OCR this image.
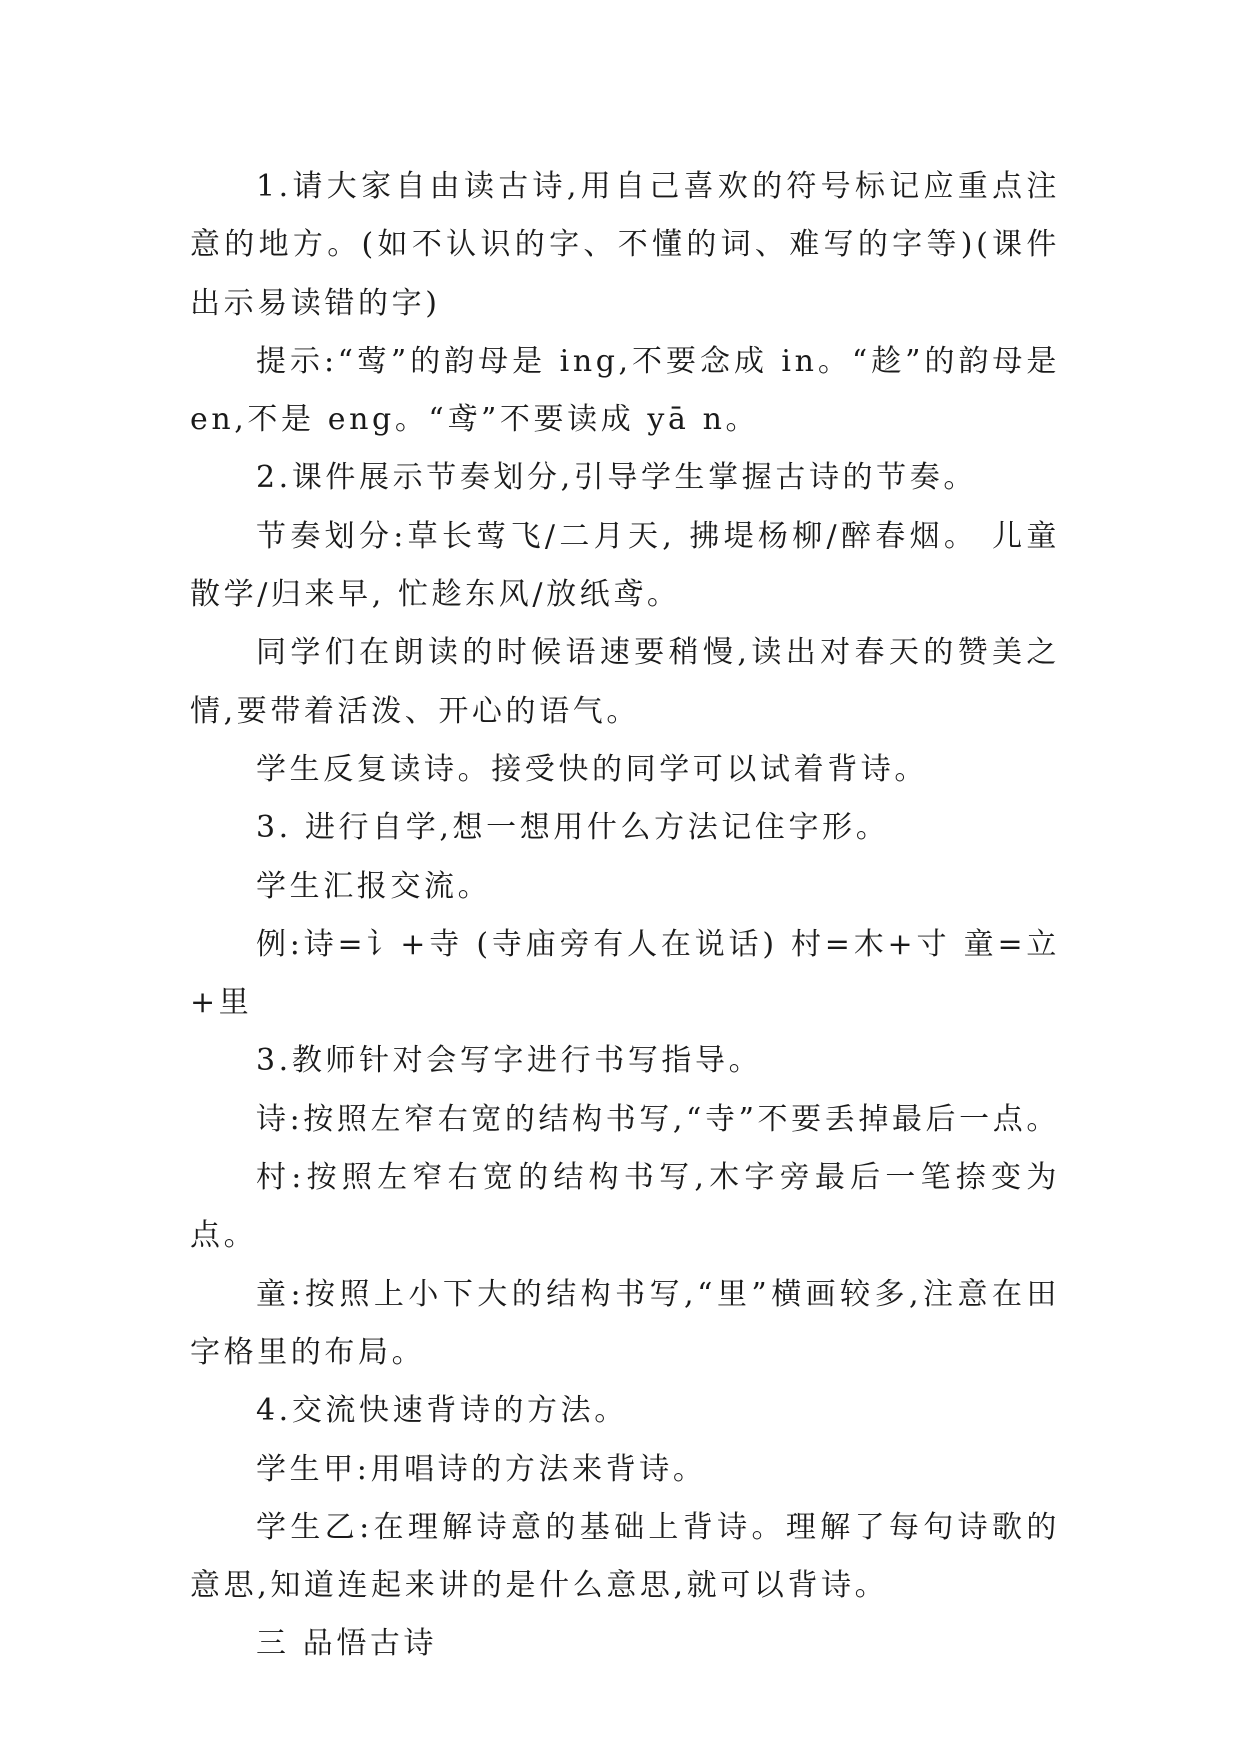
1.请大家自由读古诗,用自己喜欢的符号标记应重点注意的地方。(如不认识的字、不懂的词、难写的字等)(课件出示易读错的字)

提示:“莺”的韵母是 ing,不要念成 in。“趁”的韵母是 en,不是 eng。“鸢”不要读成 yā n。

2.课件展示节奏划分,引导学生掌握古诗的节奏。

节奏划分:草长莺飞/二月天, 拂堤杨柳/醉春烟。 儿童散学/归来早, 忙趁东风/放纸鸢。

同学们在朗读的时候语速要稍慢,读出对春天的赞美之情,要带着活泼、开心的语气。

学生反复读诗。接受快的同学可以试着背诗。

3. 进行自学,想一想用什么方法记住字形。

学生汇报交流。

例:诗=讠+寺 (寺庙旁有人在说话) 村=木+寸 童=立+里

3.教师针对会写字进行书写指导。

诗:按照左窄右宽的结构书写,“寺”不要丢掉最后一点。

村:按照左窄右宽的结构书写,木字旁最后一笔捺变为点。

童:按照上小下大的结构书写,“里”横画较多,注意在田字格里的布局。

4.交流快速背诗的方法。

学生甲:用唱诗的方法来背诗。

学生乙:在理解诗意的基础上背诗。理解了每句诗歌的意思,知道连起来讲的是什么意思,就可以背诗。

三 品悟古诗
